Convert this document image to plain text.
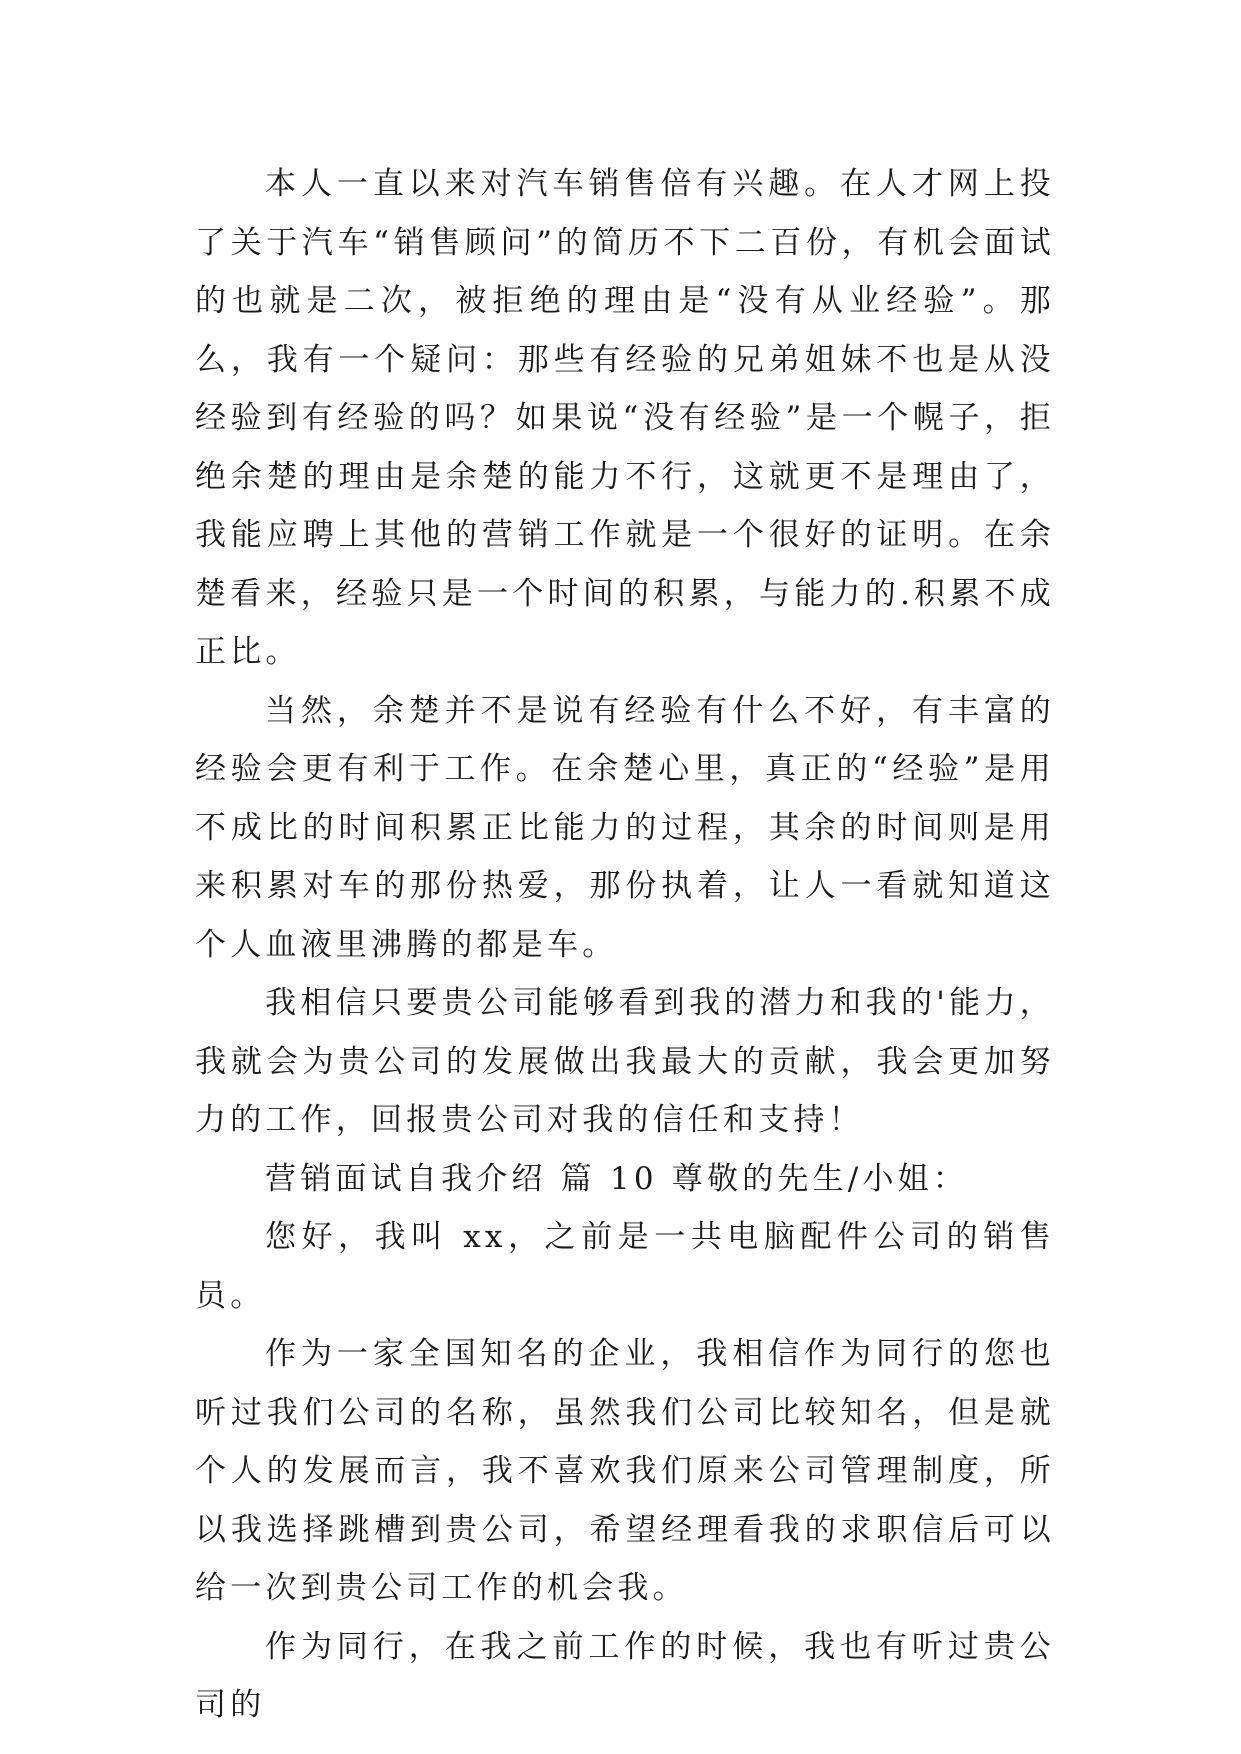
本人一直以来对汽车销售倍有兴趣。在人才网上投了关于汽车“销售顾问”的简历不下二百份，有机会面试的也就是二次，被拒绝的理由是“没有从业经验”。那么，我有一个疑问：那些有经验的兄弟姐妹不也是从没经验到有经验的吗？如果说“没有经验”是一个幌子，拒绝余楚的理由是余楚的能力不行，这就更不是理由了，我能应聘上其他的营销工作就是一个很好的证明。在余楚看来，经验只是一个时间的积累，与能力的.积累不成正比。

当然，余楚并不是说有经验有什么不好，有丰富的经验会更有利于工作。在余楚心里，真正的“经验”是用不成比的时间积累正比能力的过程，其余的时间则是用来积累对车的那份热爱，那份执着，让人一看就知道这个人血液里沸腾的都是车。

我相信只要贵公司能够看到我的潜力和我的'能力，我就会为贵公司的发展做出我最大的贡献，我会更加努力的工作，回报贵公司对我的信任和支持！

营销面试自我介绍 篇 10 尊敬的先生/小姐：

您好，我叫 xx，之前是一共电脑配件公司的销售员。

作为一家全国知名的企业，我相信作为同行的您也听过我们公司的名称，虽然我们公司比较知名，但是就个人的发展而言，我不喜欢我们原来公司管理制度，所以我选择跳槽到贵公司，希望经理看我的求职信后可以给一次到贵公司工作的机会我。

作为同行，在我之前工作的时候，我也有听过贵公司的
